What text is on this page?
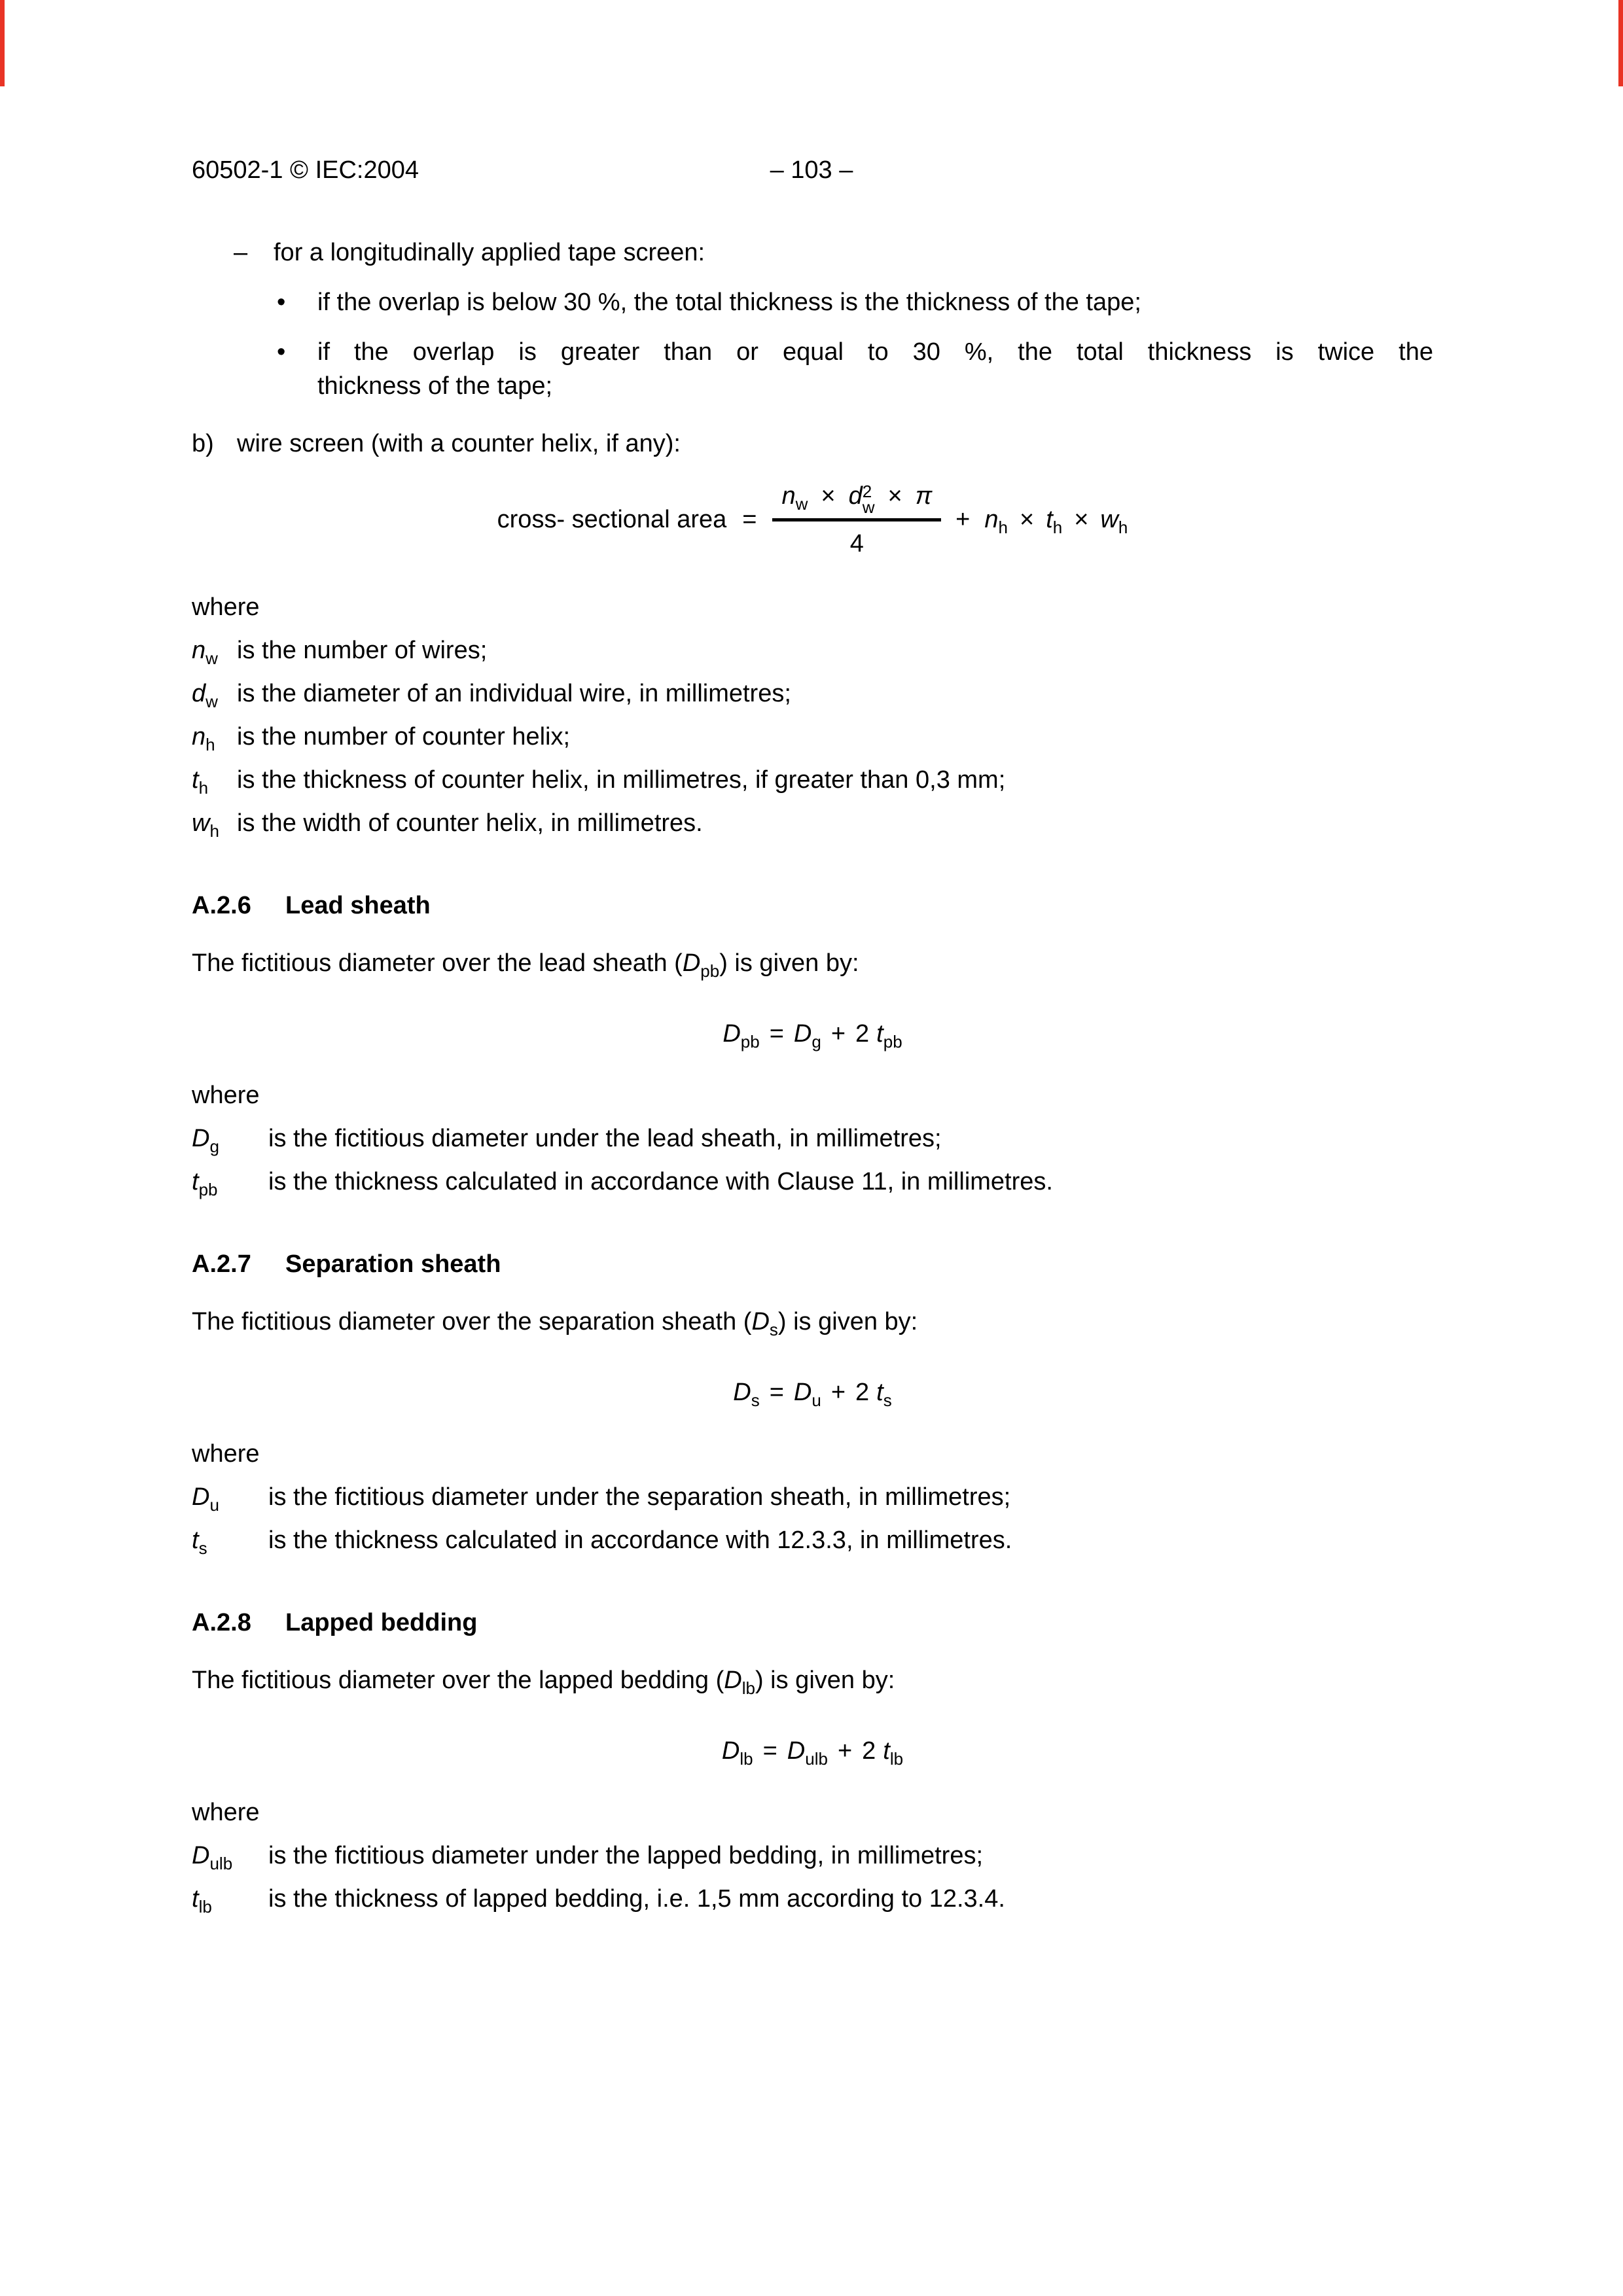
60502-1 © IEC:2004	– 103 –
–	for a longitudinally applied tape screen:
•	if the overlap is below 30 %, the total thickness is the thickness of the tape;
•	if the overlap is greater than or equal to 30 %, the total thickness is twice the
thickness of the tape;
b) wire screen (with a counter helix, if any):
cross- sectional area = $n_w \times d$ 2
w × π
$4 + n_h \times t_h \times w_h$
where
$n_w$ is the number of wires;
$d_w$ is the diameter of an individual wire, in millimetres;
$n_h$ is the number of counter helix;
$t_h$	is the thickness of counter helix, in millimetres, if greater than 0,3 mm;
$w_h$ is the width of counter helix, in millimetres.
A.2.6 Lead sheath

The fictitious diameter over the lead sheath $(D_{pb})$ is given by:

$D_{pb} = D_g + 2$ $t_{pb}$
where
$D_g$	is the fictitious diameter under the lead sheath, in millimetres;
$t_{pb}$	is the thickness calculated in accordance with Clause 11, in millimetres.
A.2.7 Separation sheath

The fictitious diameter over the separation sheath $(D_s)$ is given by:

$D_s = D_u + 2$ $t_s$
where
$D_u$	is the fictitious diameter under the separation sheath, in millimetres;
$t_s$	is the thickness calculated in accordance with 12.3.3, in millimetres.
A.2.8 Lapped bedding

The fictitious diameter over the lapped bedding $(D_{lb})$ is given by:

$D_{lb} = D_{ulb} + 2$ $t_{lb}$
where
$D_{ulb}$	is the fictitious diameter under the lapped bedding, in millimetres;
$t_{lb}$	is the thickness of lapped bedding, i.e. 1,5 mm according to 12.3.4.
